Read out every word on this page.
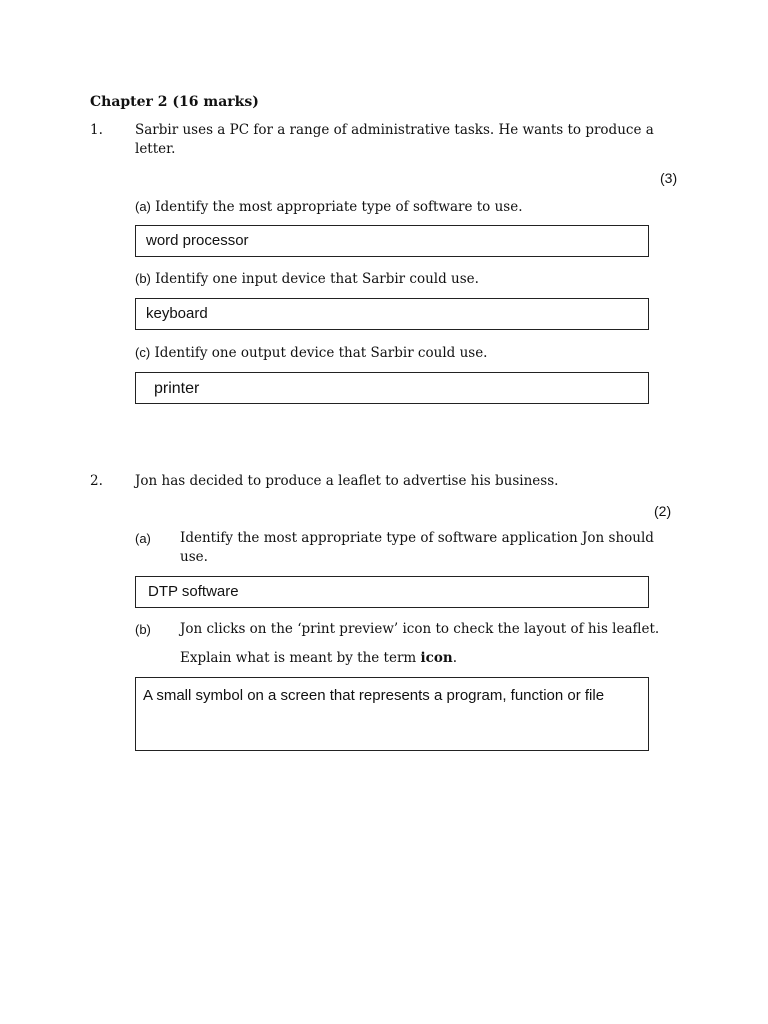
Chapter 2 (16 marks)
1. Sarbir uses a PC for a range of administrative tasks. He wants to produce a
letter.
(3)
(a) Identify the most appropriate type of software to use.
word processor
(b) Identify one input device that Sarbir could use.
keyboard
(c) Identify one output device that Sarbir could use.
printer
2. Jon has decided to produce a leaflet to advertise his business.
(2)
(a) Identify the most appropriate type of software application Jon should
use.
DTP software
(b) Jon clicks on the ‘print preview’ icon to check the layout of his leaflet.
Explain what is meant by the term icon.
A small symbol on a screen that represents a program, function or file
